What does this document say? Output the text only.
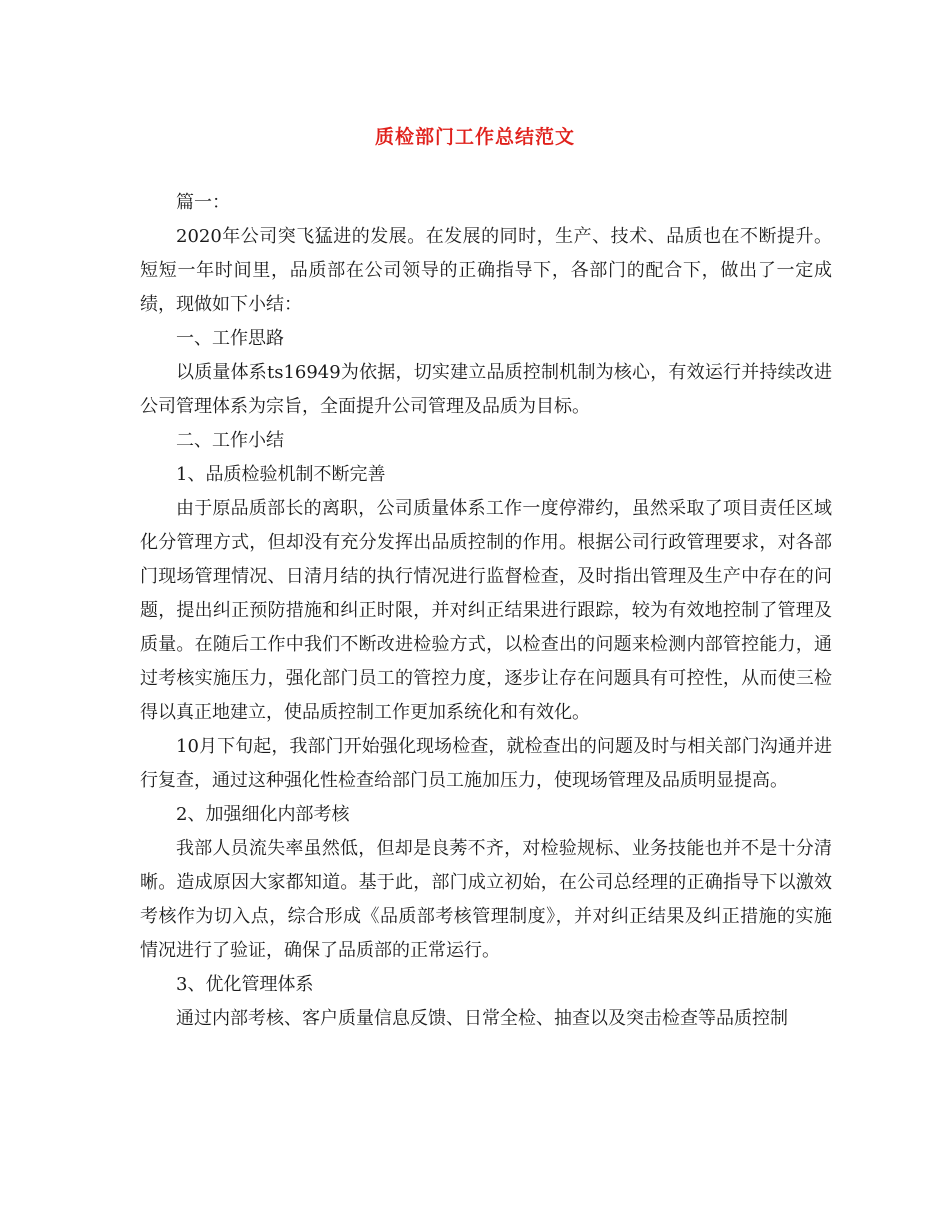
质检部门工作总结范文

篇一：

2020年公司突飞猛进的发展。在发展的同时，生产、技术、品质也在不断提升。短短一年时间里，品质部在公司领导的正确指导下，各部门的配合下，做出了一定成绩，现做如下小结：

一、工作思路

以质量体系ts16949为依据，切实建立品质控制机制为核心，有效运行并持续改进公司管理体系为宗旨，全面提升公司管理及品质为目标。

二、工作小结

1、品质检验机制不断完善

由于原品质部长的离职，公司质量体系工作一度停滞约，虽然采取了项目责任区域化分管理方式，但却没有充分发挥出品质控制的作用。根据公司行政管理要求，对各部门现场管理情况、日清月结的执行情况进行监督检查，及时指出管理及生产中存在的问题，提出纠正预防措施和纠正时限，并对纠正结果进行跟踪，较为有效地控制了管理及质量。在随后工作中我们不断改进检验方式，以检查出的问题来检测内部管控能力，通过考核实施压力，强化部门员工的管控力度，逐步让存在问题具有可控性，从而使三检得以真正地建立，使品质控制工作更加系统化和有效化。

10月下旬起，我部门开始强化现场检查，就检查出的问题及时与相关部门沟通并进行复查，通过这种强化性检查给部门员工施加压力，使现场管理及品质明显提高。

2、加强细化内部考核

我部人员流失率虽然低，但却是良莠不齐，对检验规标、业务技能也并不是十分清晰。造成原因大家都知道。基于此，部门成立初始，在公司总经理的正确指导下以激效考核作为切入点，综合形成《品质部考核管理制度》，并对纠正结果及纠正措施的实施情况进行了验证，确保了品质部的正常运行。

3、优化管理体系

通过内部考核、客户质量信息反馈、日常全检、抽查以及突击检查等品质控制
